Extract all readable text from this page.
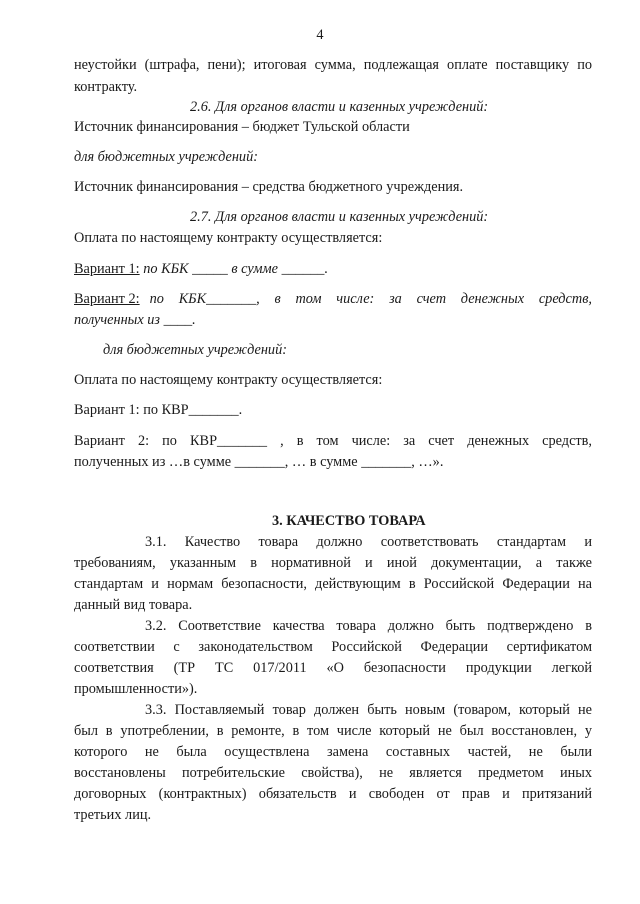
4
неустойки (штрафа, пени); итоговая сумма, подлежащая оплате поставщику по
контракту.
2.6. Для органов власти и казенных учреждений:
Источник финансирования – бюджет Тульской области
для бюджетных учреждений:
Источник финансирования – средства бюджетного учреждения.
2.7. Для органов власти и казенных учреждений:
Оплата по настоящему контракту осуществляется:
Вариант 1: по КБК _____ в сумме ______.
Вариант 2: по КБК_______, в том числе: за счет денежных средств,
полученных из ____.
для бюджетных учреждений:
Оплата по настоящему контракту осуществляется:
Вариант 1: по КВР_______.
Вариант 2: по КВР_______ , в том числе: за счет денежных средств,
полученных из …в сумме _______, … в сумме _______, …».
3. КАЧЕСТВО ТОВАРА
3.1. Качество товара должно соответствовать стандартам и
требованиям, указанным в нормативной и иной документации, а также
стандартам и нормам безопасности, действующим в Российской Федерации на
данный вид товара.
3.2. Соответствие качества товара должно быть подтверждено в
соответствии с законодательством Российской Федерации сертификатом
соответствия (ТР ТС 017/2011 «О безопасности продукции легкой
промышленности»).
3.3. Поставляемый товар должен быть новым (товаром, который не
был в употреблении, в ремонте, в том числе который не был восстановлен, у
которого не была осуществлена замена составных частей, не были
восстановлены потребительские свойства), не является предметом иных
договорных (контрактных) обязательств и свободен от прав и притязаний
третьих лиц.
